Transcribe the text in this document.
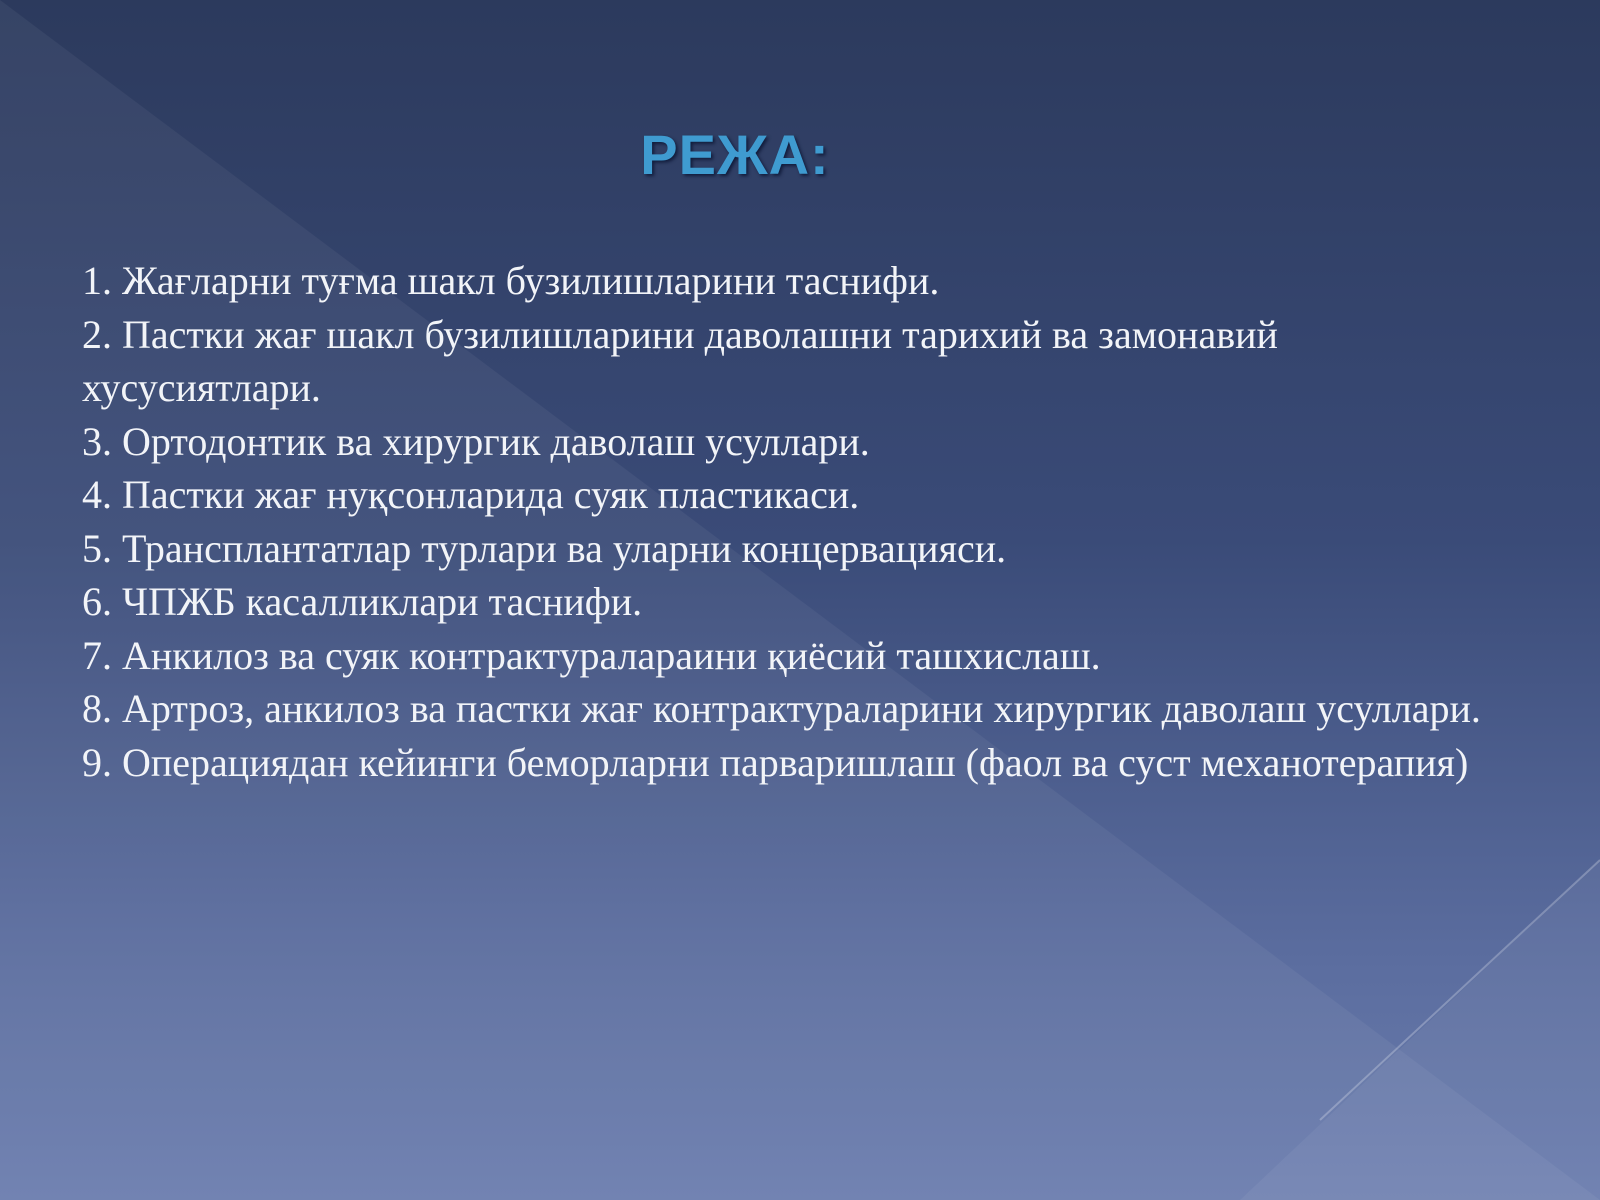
РЕЖА:
1. Жағларни туғма шакл бузилишларини таснифи.
2. Пастки жағ шакл бузилишларини даволашни тарихий ва замонавий хусусиятлари.
3. Ортодонтик ва хирургик даволаш усуллари.
4. Пастки жағ нуқсонларида суяк пластикаси.
5. Трансплантатлар турлари ва уларни концервацияси.
6. ЧПЖБ касалликлари таснифи.
7. Анкилоз ва суяк контрактуралараини қиёсий ташхислаш.
8. Артроз, анкилоз ва пастки жағ контрактураларини хирургик даволаш усуллари.
9. Операциядан кейинги беморларни парваришлаш (фаол ва суст механотерапия)
